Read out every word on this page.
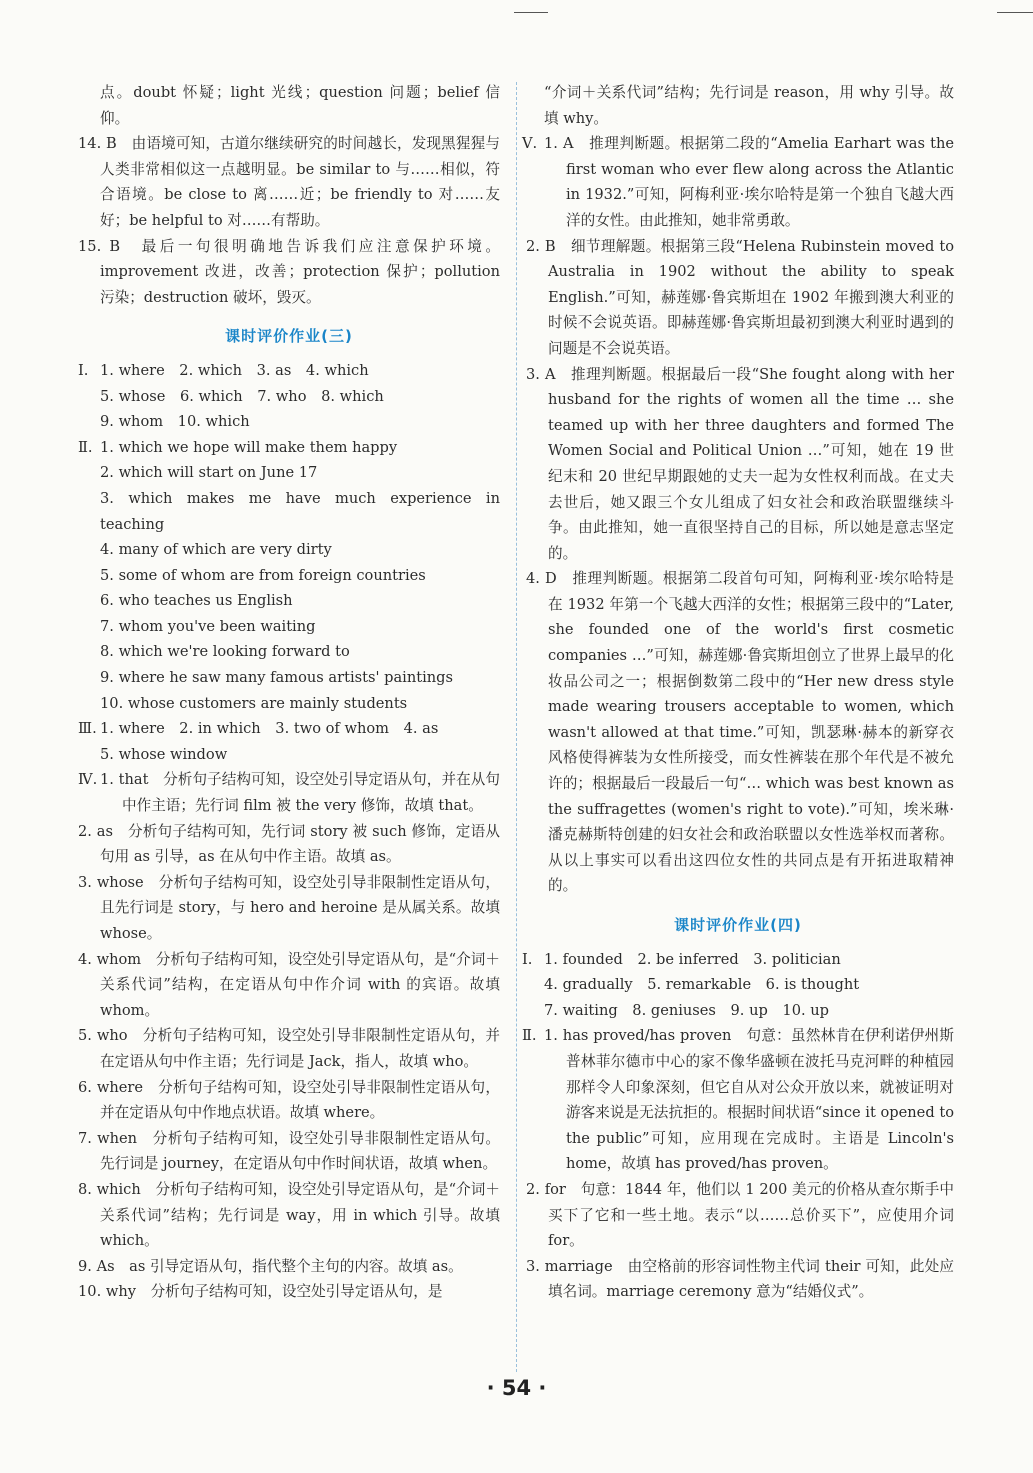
点。doubt 怀疑；light 光线；question 问题；belief 信仰。
14. B　由语境可知，古道尔继续研究的时间越长，发现黑猩猩与人类非常相似这一点越明显。be similar to 与……相似，符合语境。be close to 离……近；be friendly to 对……友好；be helpful to 对……有帮助。
15. B　最后一句很明确地告诉我们应注意保护环境。improvement 改进，改善；protection 保护；pollution 污染；destruction 破坏，毁灭。
课时评价作业(三)
Ⅰ. 1. where　2. which　3. as　4. which
5. whose　6. which　7. who　8. which
9. whom　10. which
Ⅱ. 1. which we hope will make them happy
2. which will start on June 17
3. which makes me have much experience in teaching
4. many of which are very dirty
5. some of whom are from foreign countries
6. who teaches us English
7. whom you've been waiting
8. which we're looking forward to
9. where he saw many famous artists' paintings
10. whose customers are mainly students
Ⅲ. 1. where　2. in which　3. two of whom　4. as
5. whose window
Ⅳ. 1. that　分析句子结构可知，设空处引导定语从句，并在从句中作主语；先行词 film 被 the very 修饰，故填 that。
2. as　分析句子结构可知，先行词 story 被 such 修饰，定语从句用 as 引导，as 在从句中作主语。故填 as。
3. whose　分析句子结构可知，设空处引导非限制性定语从句，且先行词是 story，与 hero and heroine 是从属关系。故填 whose。
4. whom　分析句子结构可知，设空处引导定语从句，是“介词＋关系代词”结构，在定语从句中作介词 with 的宾语。故填 whom。
5. who　分析句子结构可知，设空处引导非限制性定语从句，并在定语从句中作主语；先行词是 Jack，指人，故填 who。
6. where　分析句子结构可知，设空处引导非限制性定语从句，并在定语从句中作地点状语。故填 where。
7. when　分析句子结构可知，设空处引导非限制性定语从句。先行词是 journey，在定语从句中作时间状语，故填 when。
8. which　分析句子结构可知，设空处引导定语从句，是“介词＋关系代词”结构；先行词是 way，用 in which 引导。故填 which。
9. As　as 引导定语从句，指代整个主句的内容。故填 as。
10. why　分析句子结构可知，设空处引导定语从句，是
“介词＋关系代词”结构；先行词是 reason，用 why 引导。故填 why。
Ⅴ. 1. A　推理判断题。根据第二段的“Amelia Earhart was the first woman who ever flew along across the Atlantic in 1932.”可知，阿梅利亚·埃尔哈特是第一个独自飞越大西洋的女性。由此推知，她非常勇敢。
2. B　细节理解题。根据第三段“Helena Rubinstein moved to Australia in 1902 without the ability to speak English.”可知，赫莲娜·鲁宾斯坦在 1902 年搬到澳大利亚的时候不会说英语。即赫莲娜·鲁宾斯坦最初到澳大利亚时遇到的问题是不会说英语。
3. A　推理判断题。根据最后一段“She fought along with her husband for the rights of women all the time … she teamed up with her three daughters and formed The Women Social and Political Union …”可知，她在 19 世纪末和 20 世纪早期跟她的丈夫一起为女性权利而战。在丈夫去世后，她又跟三个女儿组成了妇女社会和政治联盟继续斗争。由此推知，她一直很坚持自己的目标，所以她是意志坚定的。
4. D　推理判断题。根据第二段首句可知，阿梅利亚·埃尔哈特是在 1932 年第一个飞越大西洋的女性；根据第三段中的“Later, she founded one of the world's first cosmetic companies …”可知，赫莲娜·鲁宾斯坦创立了世界上最早的化妆品公司之一；根据倒数第二段中的“Her new dress style made wearing trousers acceptable to women, which wasn't allowed at that time.”可知，凯瑟琳·赫本的新穿衣风格使得裤装为女性所接受，而女性裤装在那个年代是不被允许的；根据最后一段最后一句“… which was best known as the suffragettes (women's right to vote).”可知，埃米琳·潘克赫斯特创建的妇女社会和政治联盟以女性选举权而著称。从以上事实可以看出这四位女性的共同点是有开拓进取精神的。
课时评价作业(四)
Ⅰ. 1. founded　2. be inferred　3. politician
4. gradually　5. remarkable　6. is thought
7. waiting　8. geniuses　9. up　10. up
Ⅱ. 1. has proved/has proven　句意：虽然林肯在伊利诺伊州斯普林菲尔德市中心的家不像华盛顿在波托马克河畔的种植园那样令人印象深刻，但它自从对公众开放以来，就被证明对游客来说是无法抗拒的。根据时间状语“since it opened to the public”可知，应用现在完成时。主语是 Lincoln's home，故填 has proved/has proven。
2. for　句意：1844 年，他们以 1 200 美元的价格从查尔斯手中买下了它和一些土地。表示“以……总价买下”，应使用介词 for。
3. marriage　由空格前的形容词性物主代词 their 可知，此处应填名词。marriage ceremony 意为“结婚仪式”。
· 54 ·
